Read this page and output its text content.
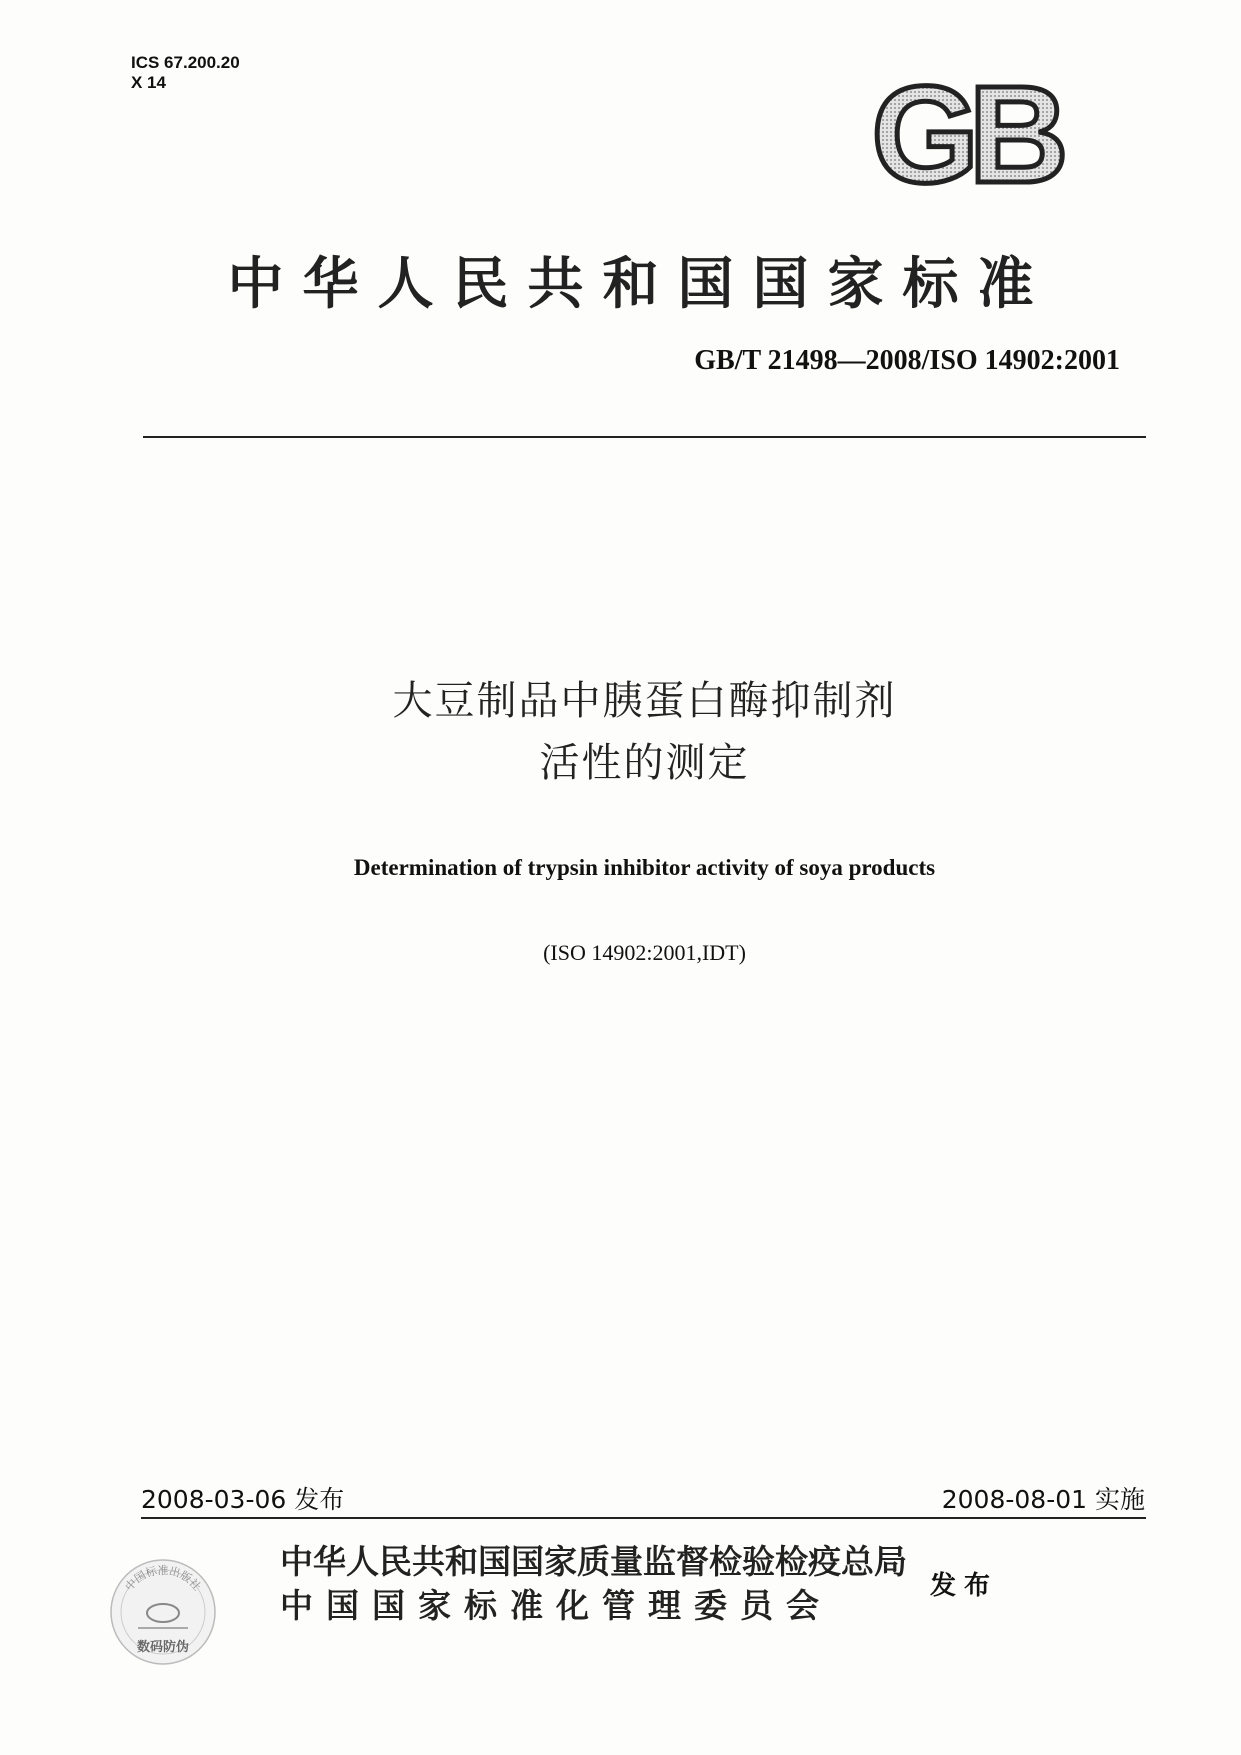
ICS 67.200.20
X 14	GB
中华人民共和国国家标准
GB/T 21498—2008/ISO 14902:2001
大豆制品中胰蛋白酶抑制剂
活性的测定
Determination of trypsin inhibitor activity of soya products
(ISO 14902:2001,IDT)
2008-03-06 发布	2008-08-01 实施
中国标准出版社
数码防伪
中华人民共和国国家质量监督检验检疫总局
中国国家标准化管理委员会	发布
